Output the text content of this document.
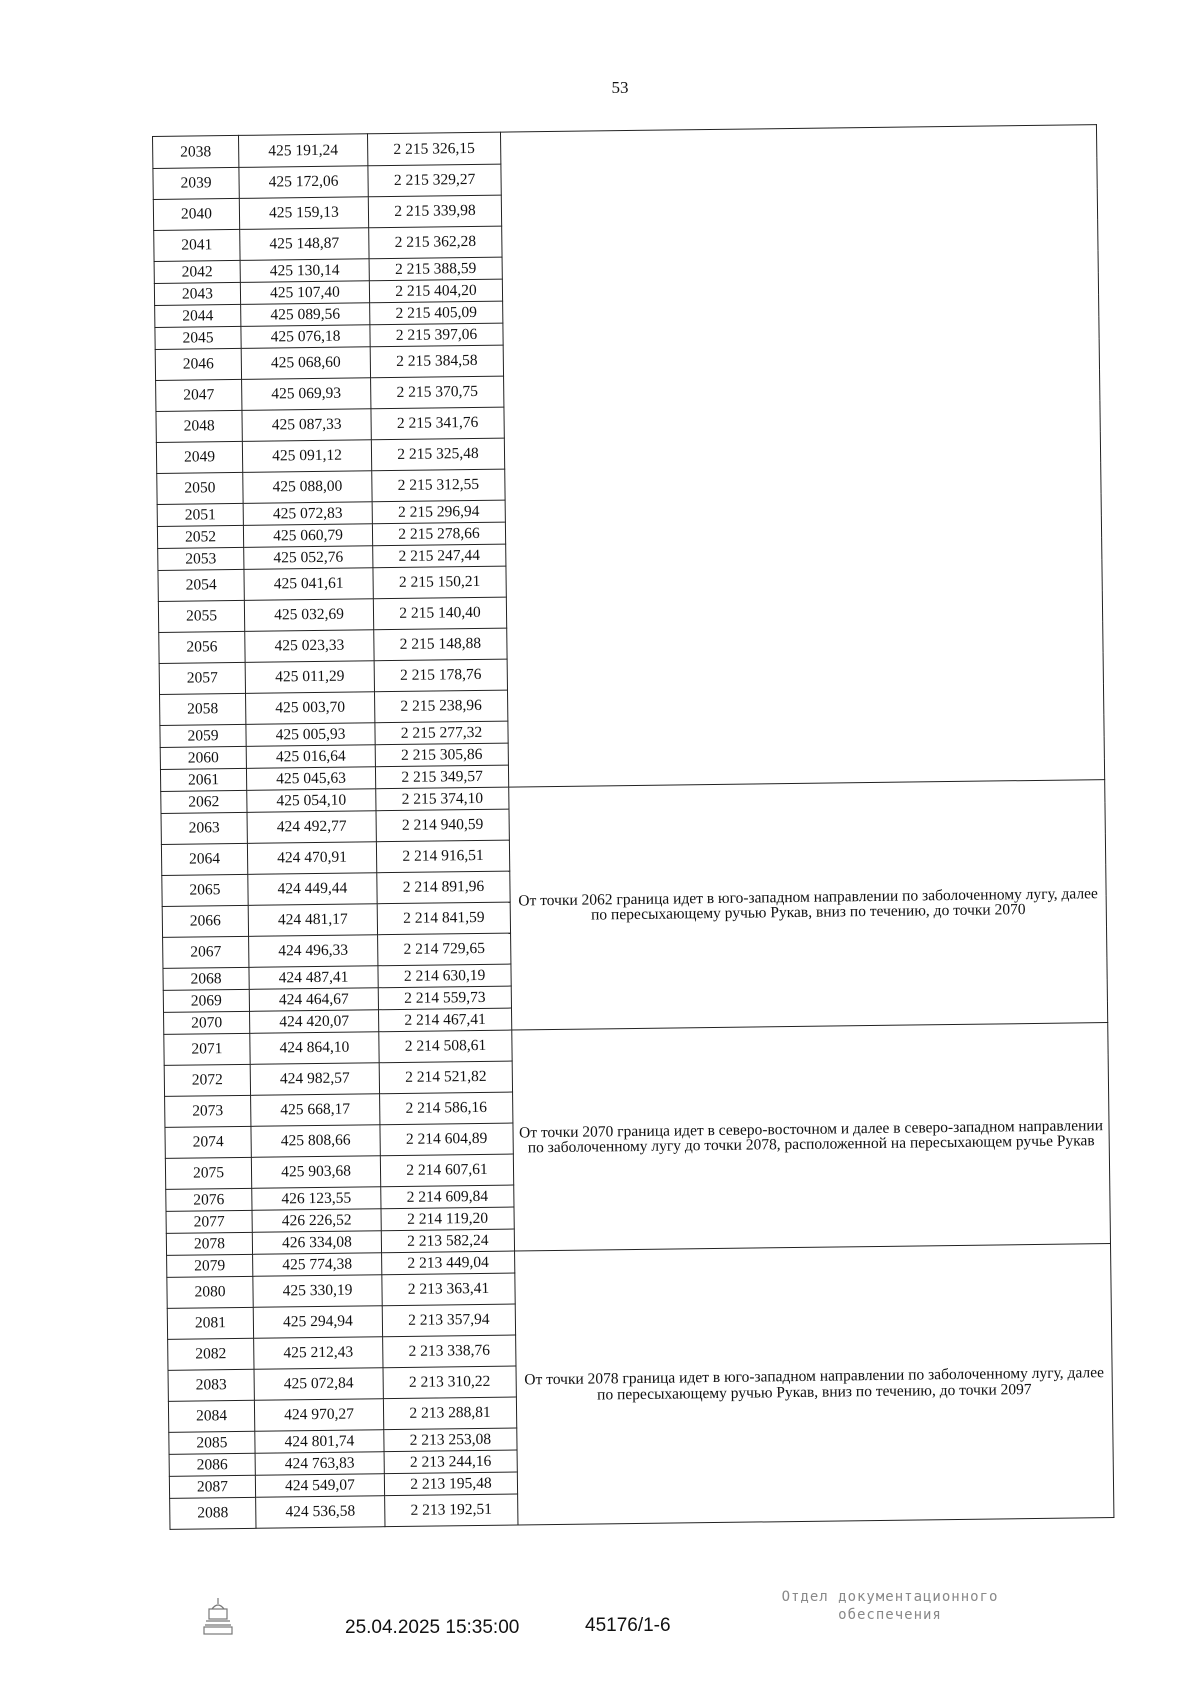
53
2038	425 191,24	2 215 326,15	
2039	425 172,06	2 215 329,27	
2040	425 159,13	2 215 339,98	
2041	425 148,87	2 215 362,28	
2042	425 130,14	2 215 388,59	
2043	425 107,40	2 215 404,20	
2044	425 089,56	2 215 405,09	
2045	425 076,18	2 215 397,06	
2046	425 068,60	2 215 384,58	
2047	425 069,93	2 215 370,75	
2048	425 087,33	2 215 341,76	
2049	425 091,12	2 215 325,48	
2050	425 088,00	2 215 312,55	
2051	425 072,83	2 215 296,94	
2052	425 060,79	2 215 278,66	
2053	425 052,76	2 215 247,44	
2054	425 041,61	2 215 150,21	
2055	425 032,69	2 215 140,40	
2056	425 023,33	2 215 148,88	
2057	425 011,29	2 215 178,76	
2058	425 003,70	2 215 238,96	
2059	425 005,93	2 215 277,32	
2060	425 016,64	2 215 305,86	
2061	425 045,63	2 215 349,57	
2062	425 054,10	2 215 374,10	От точки 2062 граница идет в юго-западном направлении по заболоченному лугу, далее по пересыхающему ручью Рукав, вниз по течению, до точки 2070
2063	424 492,77	2 214 940,59	
2064	424 470,91	2 214 916,51	
2065	424 449,44	2 214 891,96	
2066	424 481,17	2 214 841,59	
2067	424 496,33	2 214 729,65	
2068	424 487,41	2 214 630,19	
2069	424 464,67	2 214 559,73	
2070	424 420,07	2 214 467,41	
2071	424 864,10	2 214 508,61	От точки 2070 граница идет в северо-восточном и далее в северо-западном направлении по заболоченному лугу до точки 2078, расположенной на пересыхающем ручье Рукав
2072	424 982,57	2 214 521,82	
2073	425 668,17	2 214 586,16	
2074	425 808,66	2 214 604,89	
2075	425 903,68	2 214 607,61	
2076	426 123,55	2 214 609,84	
2077	426 226,52	2 214 119,20	
2078	426 334,08	2 213 582,24	
2079	425 774,38	2 213 449,04	От точки 2078 граница идет в юго-западном направлении по заболоченному лугу, далее по пересыхающему ручью Рукав, вниз по течению, до точки 2097
2080	425 330,19	2 213 363,41	
2081	425 294,94	2 213 357,94	
2082	425 212,43	2 213 338,76	
2083	425 072,84	2 213 310,22	
2084	424 970,27	2 213 288,81	
2085	424 801,74	2 213 253,08	
2086	424 763,83	2 213 244,16	
2087	424 549,07	2 213 195,48	
2088	424 536,58	2 213 192,51	
25.04.2025 15:35:00	45176/1-6
Отдел документационного
обеспечения
